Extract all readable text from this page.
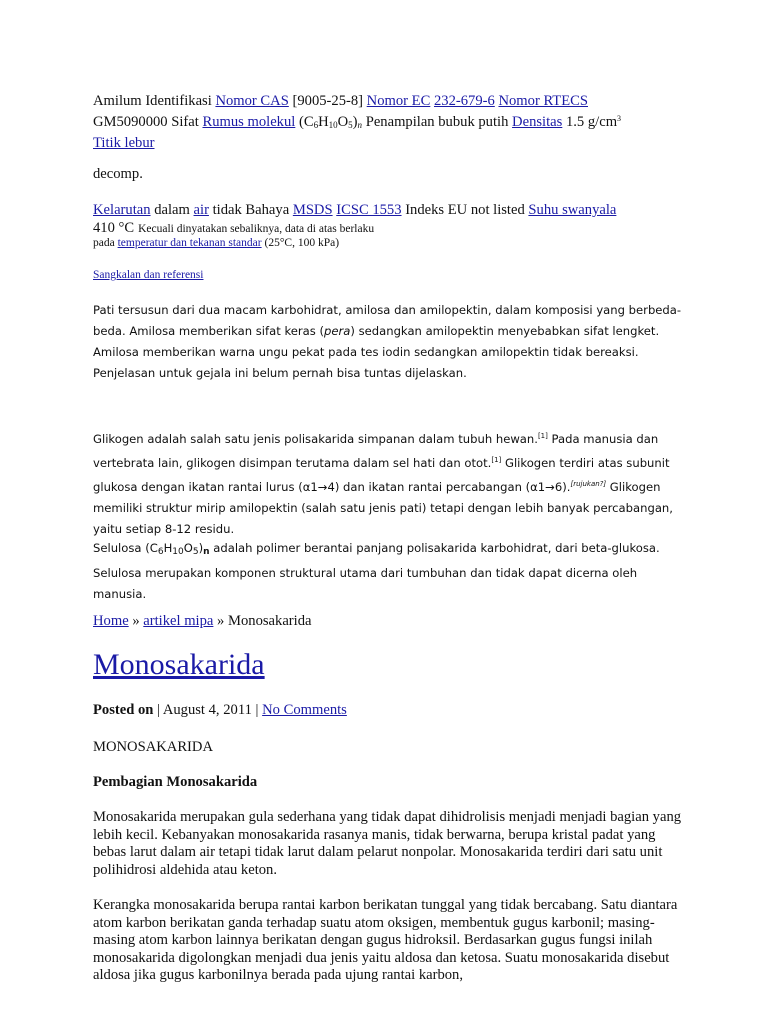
Amilum Identifikasi Nomor CAS [9005-25-8] Nomor EC 232-679-6 Nomor RTECS
GM5090000 Sifat Rumus molekul $(C_6H_{10}O_5)_n$ Penampilan bubuk putih Densitas 1.5 $g/cm^3$
Titik lebur
decomp.
Kelarutan dalam air tidak Bahaya MSDS ICSC 1553 Indeks EU not listed Suhu swanyala
410 °C Kecuali dinyatakan sebaliknya, data di atas berlaku
pada temperatur dan tekanan standar (25°C, 100 kPa)
Sangkalan dan referensi
Pati tersusun dari dua macam karbohidrat, amilosa dan amilopektin, dalam komposisi yang berbeda-beda. Amilosa memberikan sifat keras (pera) sedangkan amilopektin menyebabkan sifat lengket. Amilosa memberikan warna ungu pekat pada tes iodin sedangkan amilopektin tidak bereaksi. Penjelasan untuk gejala ini belum pernah bisa tuntas dijelaskan.
Glikogen adalah salah satu jenis polisakarida simpanan dalam tubuh hewan.[1] Pada manusia dan vertebrata lain, glikogen disimpan terutama dalam sel hati dan otot.[1] Glikogen terdiri atas subunit glukosa dengan ikatan rantai lurus (α1→4) dan ikatan rantai percabangan (α1→6).[rujukan?] Glikogen memiliki struktur mirip amilopektin (salah satu jenis pati) tetapi dengan lebih banyak percabangan, yaitu setiap 8-12 residu.
Selulosa $(C_6H_{10}O_5)_n$ adalah polimer berantai panjang polisakarida karbohidrat, dari beta-glukosa. Selulosa merupakan komponen struktural utama dari tumbuhan dan tidak dapat dicerna oleh manusia.
Home » artikel mipa » Monosakarida
Monosakarida
Posted on | August 4, 2011 | No Comments
MONOSAKARIDA
Pembagian Monosakarida
Monosakarida merupakan gula sederhana yang tidak dapat dihidrolisis menjadi menjadi bagian yang lebih kecil. Kebanyakan monosakarida rasanya manis, tidak berwarna, berupa kristal padat yang bebas larut dalam air tetapi tidak larut dalam pelarut nonpolar. Monosakarida terdiri dari satu unit polihidrosi aldehida atau keton.
Kerangka monosakarida berupa rantai karbon berikatan tunggal yang tidak bercabang. Satu diantara atom karbon berikatan ganda terhadap suatu atom oksigen, membentuk gugus karbonil; masing-masing atom karbon lainnya berikatan dengan gugus hidroksil. Berdasarkan gugus fungsi inilah monosakarida digolongkan menjadi dua jenis yaitu aldosa dan ketosa. Suatu monosakarida disebut aldosa jika gugus karbonilnya berada pada ujung rantai karbon,
